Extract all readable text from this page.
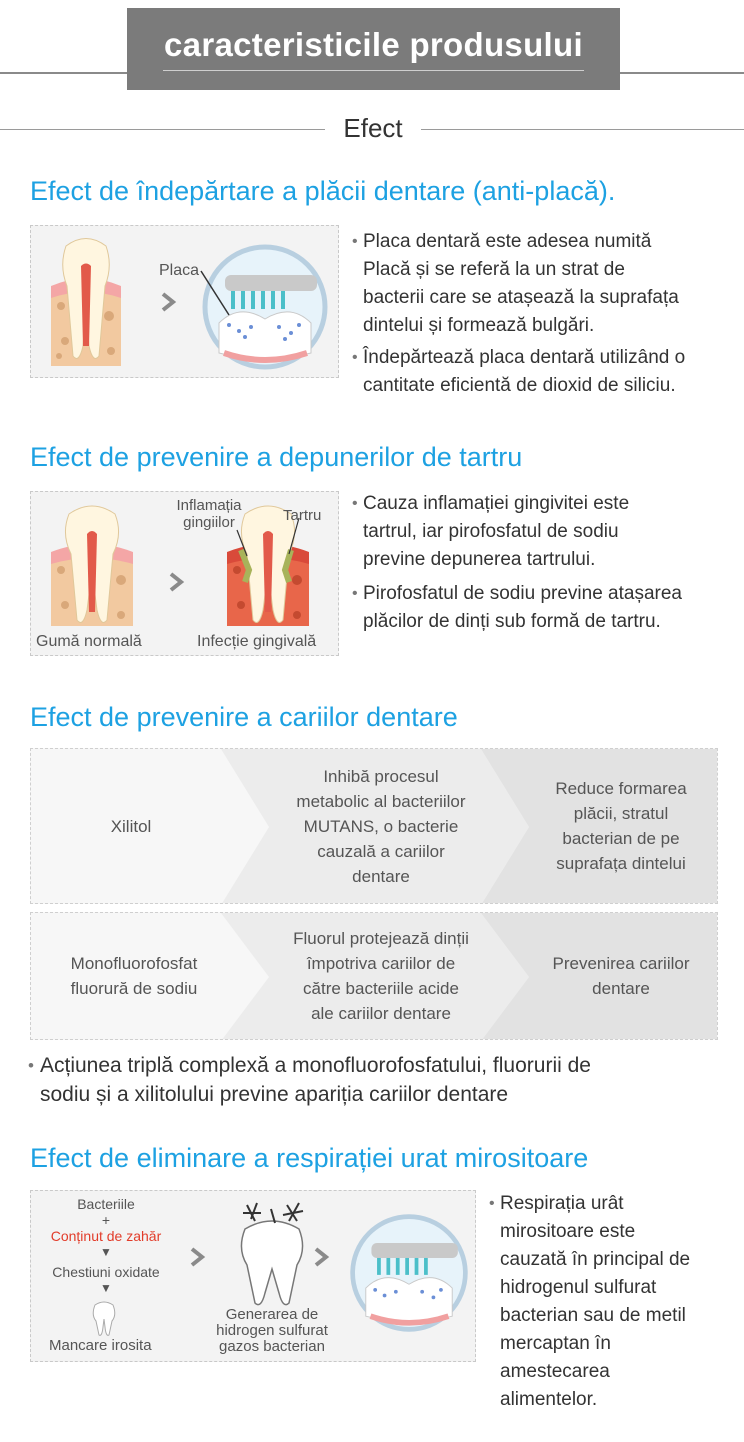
caracteristicile produsului
Efect
Efect de îndepărtare a plăcii dentare (anti-placă).
Placa
• Placa dentară este adesea numită
Placă și se referă la un strat de
bacterii care se atașează la suprafața
dintelui și formează bulgări.
• Îndepărtează placa dentară utilizând o
cantitate eficientă de dioxid de siliciu.
Efect de prevenire a depunerilor de tartru
Inflamația
gingiilor	Tartru
Gumă normală	Infecție gingivală
• Cauza inflamației gingivitei este
tartrul, iar pirofosfatul de sodiu
previne depunerea tartrului.
• Pirofosfatul de sodiu previne atașarea
plăcilor de dinți sub formă de tartru.
Efect de prevenire a cariilor dentare
Xilitol
Inhibă procesul
metabolic al bacteriilor
MUTANS, o bacterie
cauzală a cariilor
dentare
Reduce formarea
plăcii, stratul
bacterian de pe
suprafața dintelui
Monofluorofosfat
fluorură de sodiu
Fluorul protejează dinții
împotriva cariilor de
către bacteriile acide
ale cariilor dentare
Prevenirea cariilor
dentare
• Acțiunea triplă complexă a monofluorofosfatului, fluorurii de
sodiu și a xilitolului previne apariția cariilor dentare
Efect de eliminare a respirației urat mirositoare
Bacteriile
+
Conținut de zahăr
▼
Chestiuni oxidate
▼
Mancare irosita
Generarea de
hidrogen sulfurat
gazos bacterian
• Respirația urât
mirositoare este
cauzată în principal de
hidrogenul sulfurat
bacterian sau de metil
mercaptan în
amestecarea
alimentelor.
